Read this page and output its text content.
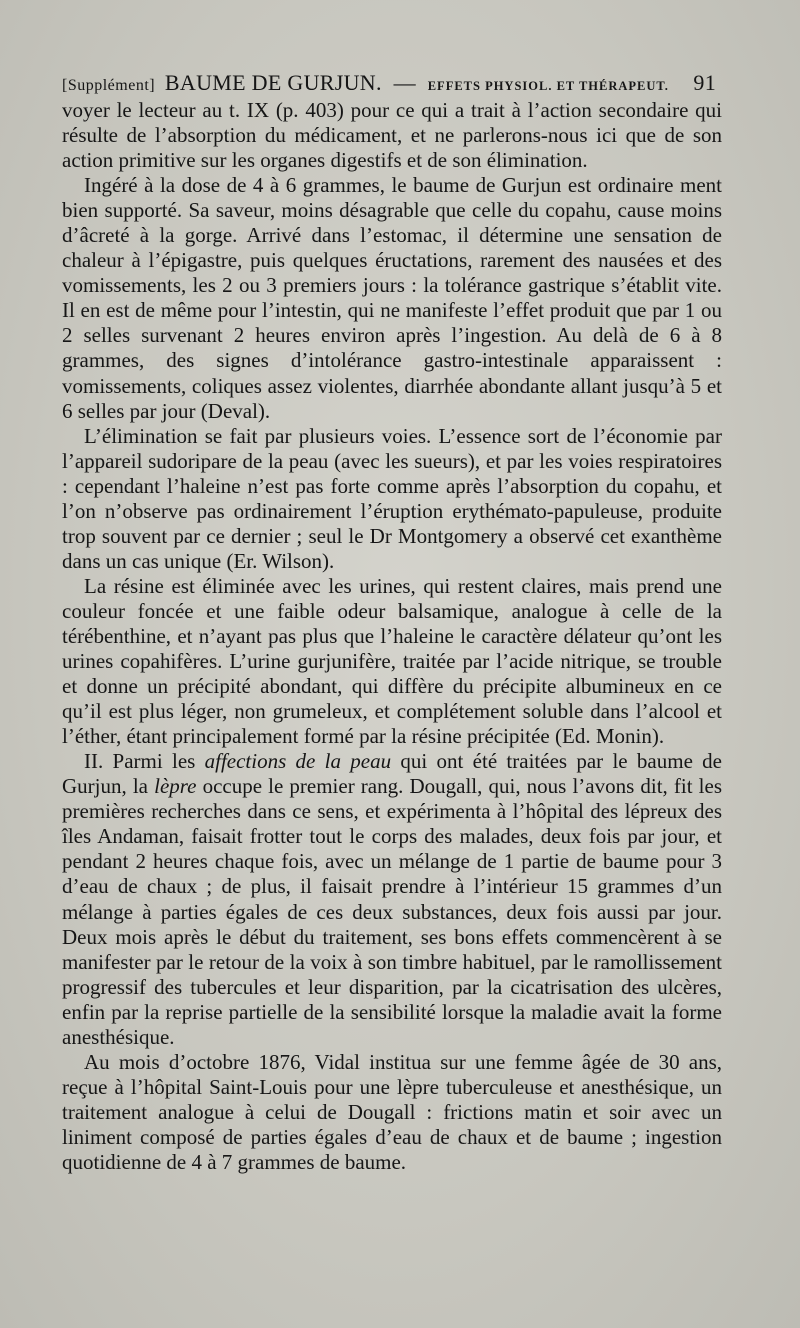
[Supplément] BAUME DE GURJUN. — EFFETS PHYSIOL. ET THÉRAPEUT. 91

voyer le lecteur au t. IX (p. 403) pour ce qui a trait à l’action secondaire qui résulte de l’absorption du médicament, et ne parlerons-nous ici que de son action primitive sur les organes digestifs et de son élimination.

Ingéré à la dose de 4 à 6 grammes, le baume de Gurjun est ordinaire ment bien supporté. Sa saveur, moins désagrable que celle du copahu, cause moins d’âcreté à la gorge. Arrivé dans l’estomac, il détermine une sensation de chaleur à l’épigastre, puis quelques éructations, rarement des nausées et des vomissements, les 2 ou 3 premiers jours : la tolérance gastrique s’établit vite. Il en est de même pour l’intestin, qui ne manifeste l’effet produit que par 1 ou 2 selles survenant 2 heures environ après l’ingestion. Au delà de 6 à 8 grammes, des signes d’intolérance gastro-intestinale apparaissent : vomissements, coliques assez violentes, diarrhée abondante allant jusqu’à 5 et 6 selles par jour (Deval).

L’élimination se fait par plusieurs voies. L’essence sort de l’économie par l’appareil sudoripare de la peau (avec les sueurs), et par les voies respiratoires : cependant l’haleine n’est pas forte comme après l’absorption du copahu, et l’on n’observe pas ordinairement l’éruption erythémato-papuleuse, produite trop souvent par ce dernier ; seul le Dr Montgomery a observé cet exanthème dans un cas unique (Er. Wilson).

La résine est éliminée avec les urines, qui restent claires, mais prend une couleur foncée et une faible odeur balsamique, analogue à celle de la térébenthine, et n’ayant pas plus que l’haleine le caractère délateur qu’ont les urines copahifères. L’urine gurjunifère, traitée par l’acide nitrique, se trouble et donne un précipité abondant, qui diffère du précipite albumineux en ce qu’il est plus léger, non grumeleux, et complétement soluble dans l’alcool et l’éther, étant principalement formé par la résine précipitée (Ed. Monin).

II. Parmi les affections de la peau qui ont été traitées par le baume de Gurjun, la lèpre occupe le premier rang. Dougall, qui, nous l’avons dit, fit les premières recherches dans ce sens, et expérimenta à l’hôpital des lépreux des îles Andaman, faisait frotter tout le corps des malades, deux fois par jour, et pendant 2 heures chaque fois, avec un mélange de 1 partie de baume pour 3 d’eau de chaux ; de plus, il faisait prendre à l’intérieur 15 grammes d’un mélange à parties égales de ces deux substances, deux fois aussi par jour. Deux mois après le début du traitement, ses bons effets commencèrent à se manifester par le retour de la voix à son timbre habituel, par le ramollissement progressif des tubercules et leur disparition, par la cicatrisation des ulcères, enfin par la reprise partielle de la sensibilité lorsque la maladie avait la forme anesthésique.

Au mois d’octobre 1876, Vidal institua sur une femme âgée de 30 ans, reçue à l’hôpital Saint-Louis pour une lèpre tuberculeuse et anesthésique, un traitement analogue à celui de Dougall : frictions matin et soir avec un liniment composé de parties égales d’eau de chaux et de baume ; ingestion quotidienne de 4 à 7 grammes de baume.
